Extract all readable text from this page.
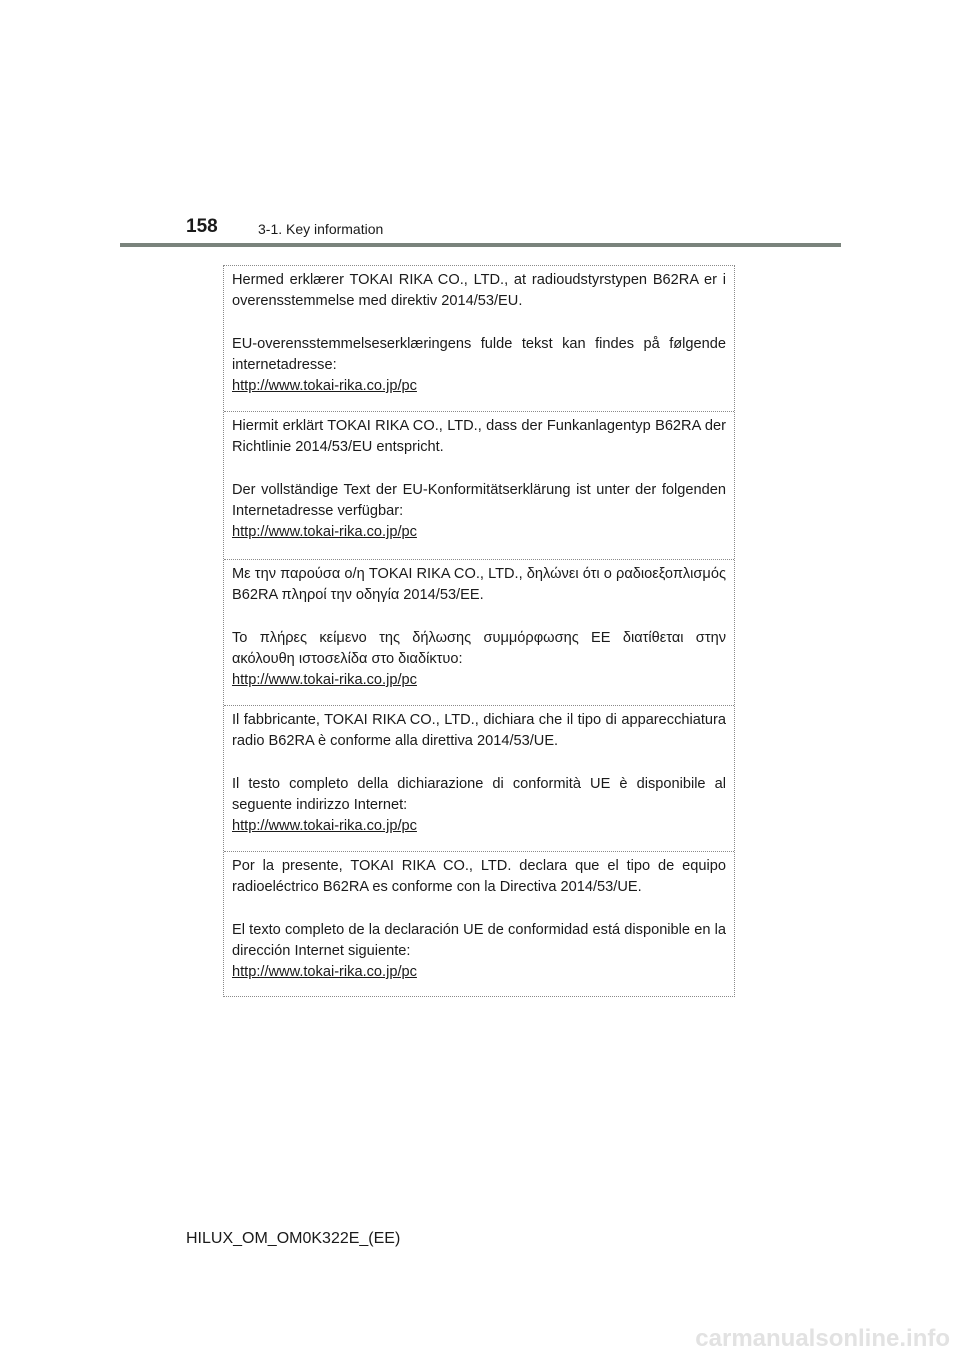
158	3-1. Key information

Hermed erklærer TOKAI RIKA CO., LTD., at radioudstyrstypen B62RA er i overensstemmelse med direktiv 2014/53/EU.

EU-overensstemmelseserklæringens fulde tekst kan findes på følgende internetadresse:

http://www.tokai-rika.co.jp/pc

Hiermit erklärt TOKAI RIKA CO., LTD., dass der Funkanlagentyp B62RA der Richtlinie 2014/53/EU entspricht.

Der vollständige Text der EU-Konformitätserklärung ist unter der folgenden Internetadresse verfügbar:

http://www.tokai-rika.co.jp/pc

Με την παρούσα ο/η TOKAI RIKA CO., LTD., δηλώνει ότι ο ραδιοεξοπλισμός B62RA πληροί την οδηγία 2014/53/ΕΕ.

Το πλήρες κείμενο της δήλωσης συμμόρφωσης ΕΕ διατίθεται στην ακόλουθη ιστοσελίδα στο διαδίκτυο:

http://www.tokai-rika.co.jp/pc

Il fabbricante, TOKAI RIKA CO., LTD., dichiara che il tipo di apparecchiatura radio B62RA è conforme alla direttiva 2014/53/UE.

Il testo completo della dichiarazione di conformità UE è disponibile al seguente indirizzo Internet:

http://www.tokai-rika.co.jp/pc

Por la presente, TOKAI RIKA CO., LTD. declara que el tipo de equipo radioeléctrico B62RA es conforme con la Directiva 2014/53/UE.

El texto completo de la declaración UE de conformidad está disponible en la dirección Internet siguiente:

http://www.tokai-rika.co.jp/pc
HILUX_OM_OM0K322E_(EE)
carmanualsonline.info
